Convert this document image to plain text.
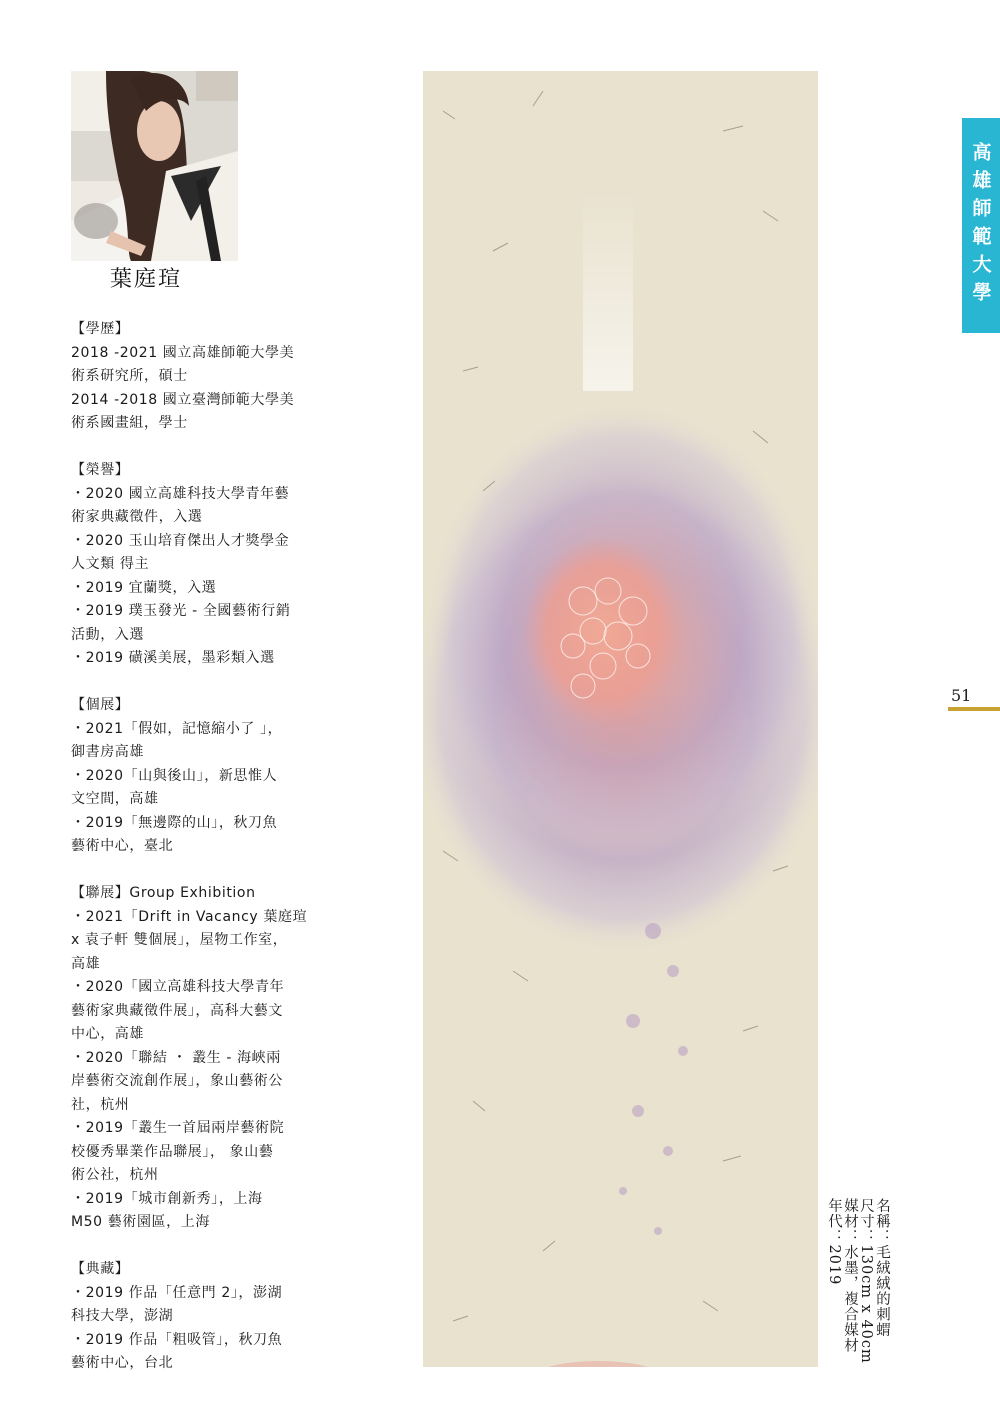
葉庭瑄
【學歷】
2018 -2021 國立高雄師範大學美
術系研究所，碩士
2014 -2018 國立臺灣師範大學美
術系國畫組，學士
【榮譽】
・2020 國立高雄科技大學青年藝
術家典藏徵件，入選
・2020 玉山培育傑出人才獎學金
人文類 得主
・2019 宜蘭獎，入選
・2019 璞玉發光 - 全國藝術行銷
活動，入選
・2019 磺溪美展，墨彩類入選
【個展】
・2021「假如，記憶縮小了 」，
御書房高雄
・2020「山與後山」，新思惟人
文空間，高雄
・2019「無邊際的山」，秋刀魚
藝術中心，臺北
【聯展】Group Exhibition
・2021「Drift in Vacancy 葉庭瑄
x 袁子軒 雙個展」，屋物工作室，
高雄
・2020「國立高雄科技大學青年
藝術家典藏徵件展」，高科大藝文
中心，高雄
・2020「聯結 ・ 叢生 - 海峽兩
岸藝術交流創作展」，象山藝術公
社，杭州
・2019「叢生一首屆兩岸藝術院
校優秀畢業作品聯展」， 象山藝
術公社，杭州
・2019「城市創新秀」，上海
M50 藝術園區，上海
【典藏】
・2019 作品「任意門 2」，澎湖
科技大學，澎湖
・2019 作品「粗吸管」，秋刀魚
藝術中心，台北
名稱：毛絨絨的刺蝟
尺寸：130cm x 40cm
媒材：水墨，複合媒材
年代：2019
高雄師範大學
51
